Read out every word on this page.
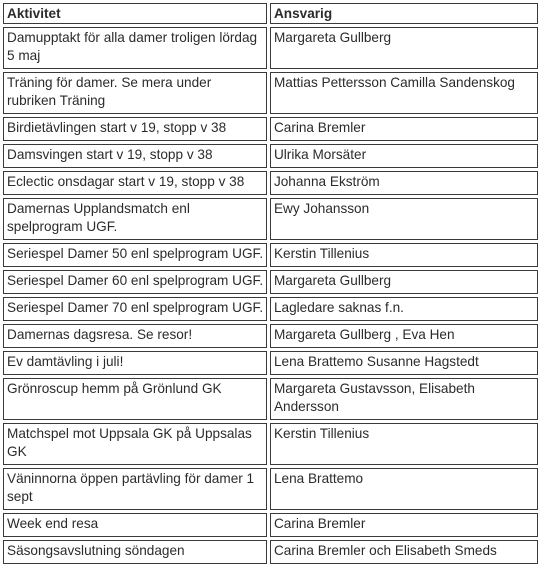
Aktivitet	Ansvarig
Damupptakt för alla damer troligen lördag 5 maj	Margareta Gullberg
Träning för damer. Se mera under rubriken Träning	Mattias Pettersson Camilla Sandenskog
Birdietävlingen start v 19, stopp v 38	Carina Bremler
Damsvingen start v 19, stopp v 38	Ulrika Morsäter
Eclectic onsdagar start v 19, stopp v 38	Johanna Ekström
Damernas Upplandsmatch enl spelprogram UGF.	Ewy Johansson
Seriespel Damer 50 enl spelprogram UGF.	Kerstin Tillenius
Seriespel Damer 60 enl spelprogram UGF.	Margareta Gullberg
Seriespel Damer 70 enl spelprogram UGF.	Lagledare saknas f.n.
Damernas dagsresa. Se resor!	Margareta Gullberg , Eva Hen
Ev damtävling i juli!	Lena Brattemo Susanne Hagstedt
Grönroscup hemm på Grönlund GK	Margareta Gustavsson, Elisabeth Andersson
Matchspel mot Uppsala GK på Uppsalas GK	Kerstin Tillenius
Väninnorna öppen partävling för damer 1 sept	Lena Brattemo
Week end resa	Carina Bremler
Säsongsavslutning söndagen	Carina Bremler och Elisabeth Smeds
